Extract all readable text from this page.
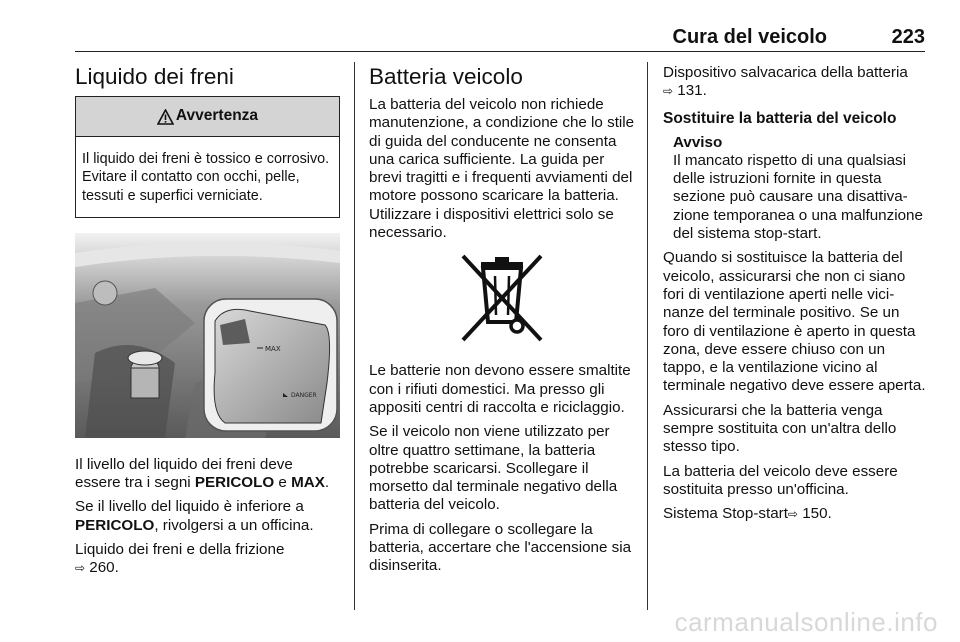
Cura del veicolo	223
Liquido dei freni
Avvertenza
Il liquido dei freni è tossico e corrosivo. Evitare il contatto con occhi, pelle, tessuti e superfici verniciate.
MAX
DANGER

Il livello del liquido dei freni deve essere tra i segni PERICOLO e MAX.

Se il livello del liquido è inferiore a PERICOLO, rivolgersi a un officina.

Liquido dei freni e della frizione
⇨ 260.

Batteria veicolo

La batteria del veicolo non richiede manutenzione, a condizione che lo stile di guida del conducente ne consenta una carica sufficiente. La guida per brevi tragitti e i frequenti avviamenti del motore possono scaricare la batteria. Utilizzare i dispositivi elettrici solo se necessario.

Le batterie non devono essere smaltite con i rifiuti domestici. Ma presso gli appositi centri di raccolta e riciclaggio.

Se il veicolo non viene utilizzato per oltre quattro settimane, la batteria potrebbe scaricarsi. Scollegare il morsetto dal terminale negativo della batteria del veicolo.

Prima di collegare o scollegare la batteria, accertare che l'accensione sia disinserita.

Dispositivo salvacarica della batteria
⇨ 131.

Sostituire la batteria del veicolo
Avviso

Il mancato rispetto di una qualsiasi delle istruzioni fornite in questa sezione può causare una disattivazione temporanea o una malfunzione del sistema stop-start.

Quando si sostituisce la batteria del veicolo, assicurarsi che non ci siano fori di ventilazione aperti nelle vicinanze del terminale positivo. Se un foro di ventilazione è aperto in questa zona, deve essere chiuso con un tappo, e la ventilazione vicino al terminale negativo deve essere aperta.

Assicurarsi che la batteria venga sempre sostituita con un'altra dello stesso tipo.

La batteria del veicolo deve essere sostituita presso un'officina.

Sistema Stop-start⇨ 150.

carmanualsonline.info
